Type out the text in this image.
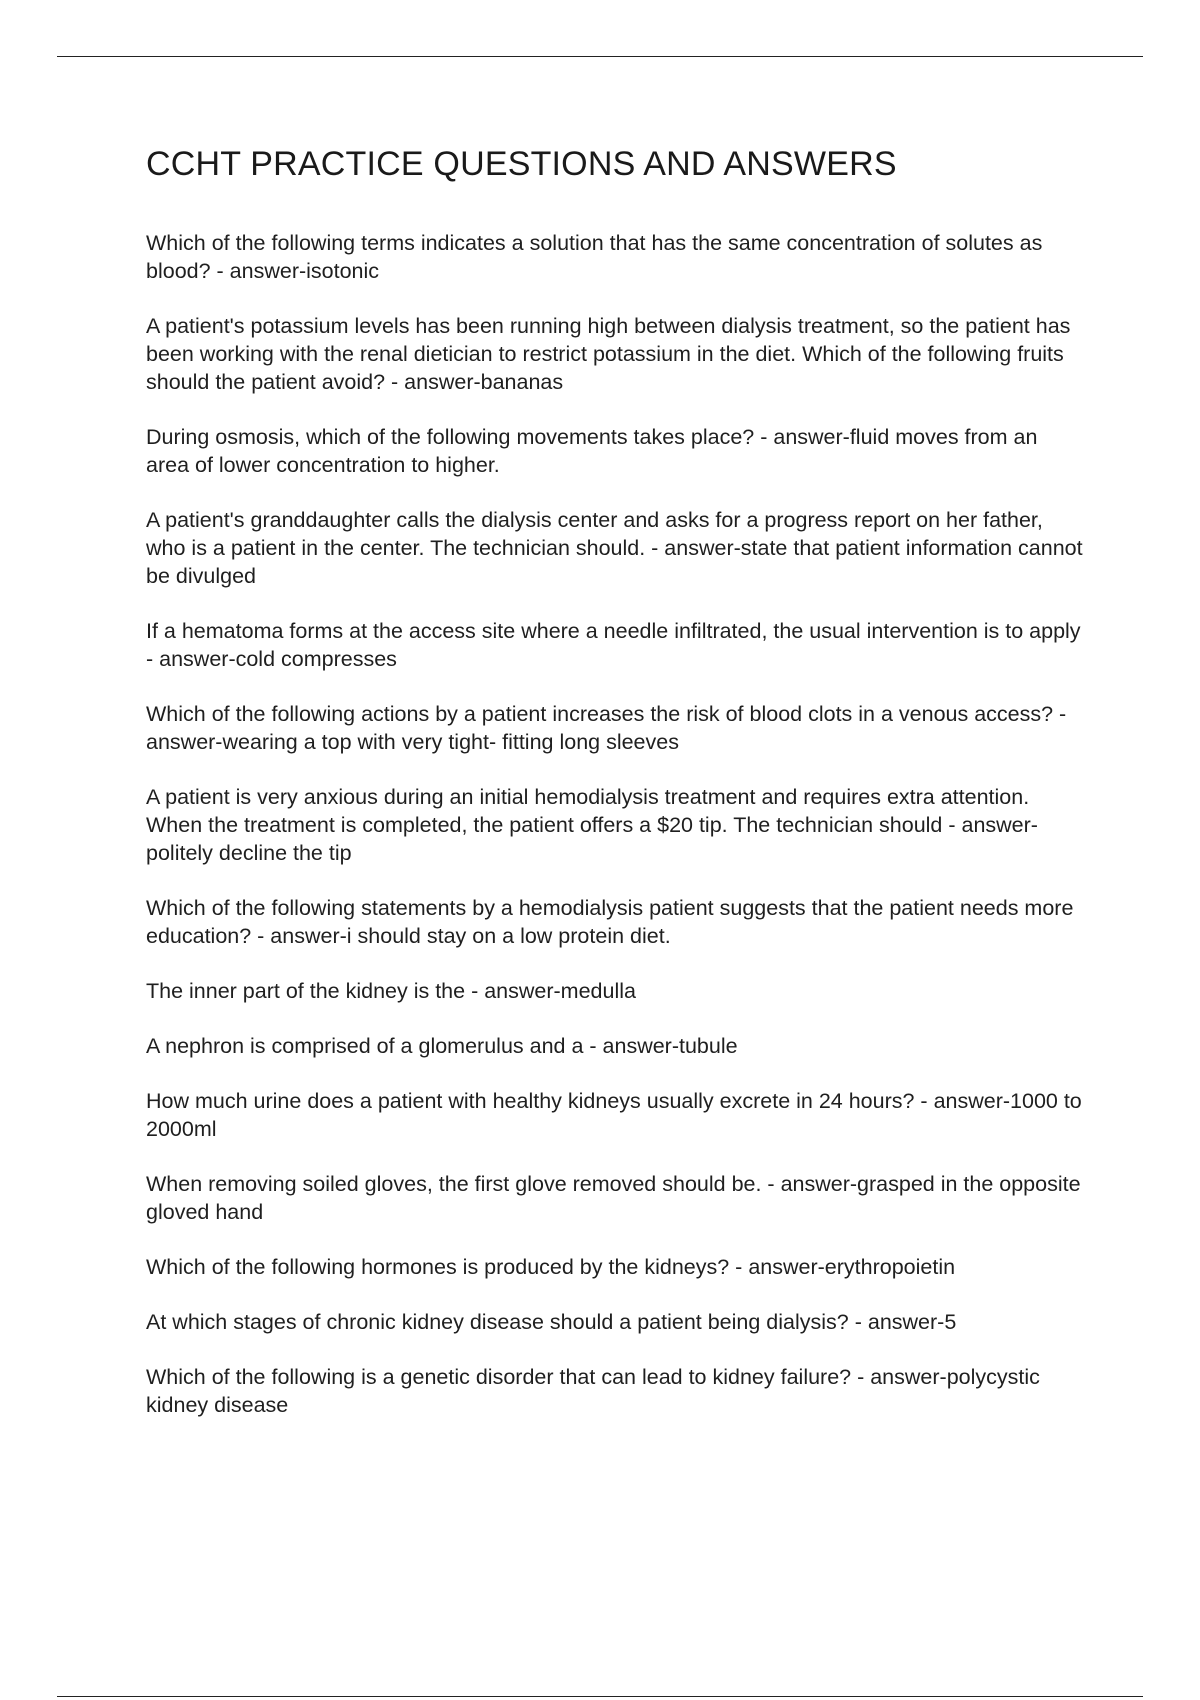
CCHT PRACTICE QUESTIONS AND ANSWERS

Which of the following terms indicates a solution that has the same concentration of solutes as blood? - answer-isotonic

A patient's potassium levels has been running high between dialysis treatment, so the patient has been working with the renal dietician to restrict potassium in the diet. Which of the following fruits should the patient avoid? - answer-bananas

During osmosis, which of the following movements takes place? - answer-fluid moves from an area of lower concentration to higher.

A patient's granddaughter calls the dialysis center and asks for a progress report on her father, who is a patient in the center. The technician should. - answer-state that patient information cannot be divulged

If a hematoma forms at the access site where a needle infiltrated, the usual intervention is to apply - answer-cold compresses

Which of the following actions by a patient increases the risk of blood clots in a venous access? - answer-wearing a top with very tight- fitting long sleeves

A patient is very anxious during an initial hemodialysis treatment and requires extra attention. When the treatment is completed, the patient offers a $20 tip. The technician should - answer-politely decline the tip

Which of the following statements by a hemodialysis patient suggests that the patient needs more education? - answer-i should stay on a low protein diet.

The inner part of the kidney is the - answer-medulla

A nephron is comprised of a glomerulus and a - answer-tubule

How much urine does a patient with healthy kidneys usually excrete in 24 hours? - answer-1000 to 2000ml

When removing soiled gloves, the first glove removed should be. - answer-grasped in the opposite gloved hand

Which of the following hormones is produced by the kidneys? - answer-erythropoietin

At which stages of chronic kidney disease should a patient being dialysis? - answer-5

Which of the following is a genetic disorder that can lead to kidney failure? - answer-polycystic kidney disease
